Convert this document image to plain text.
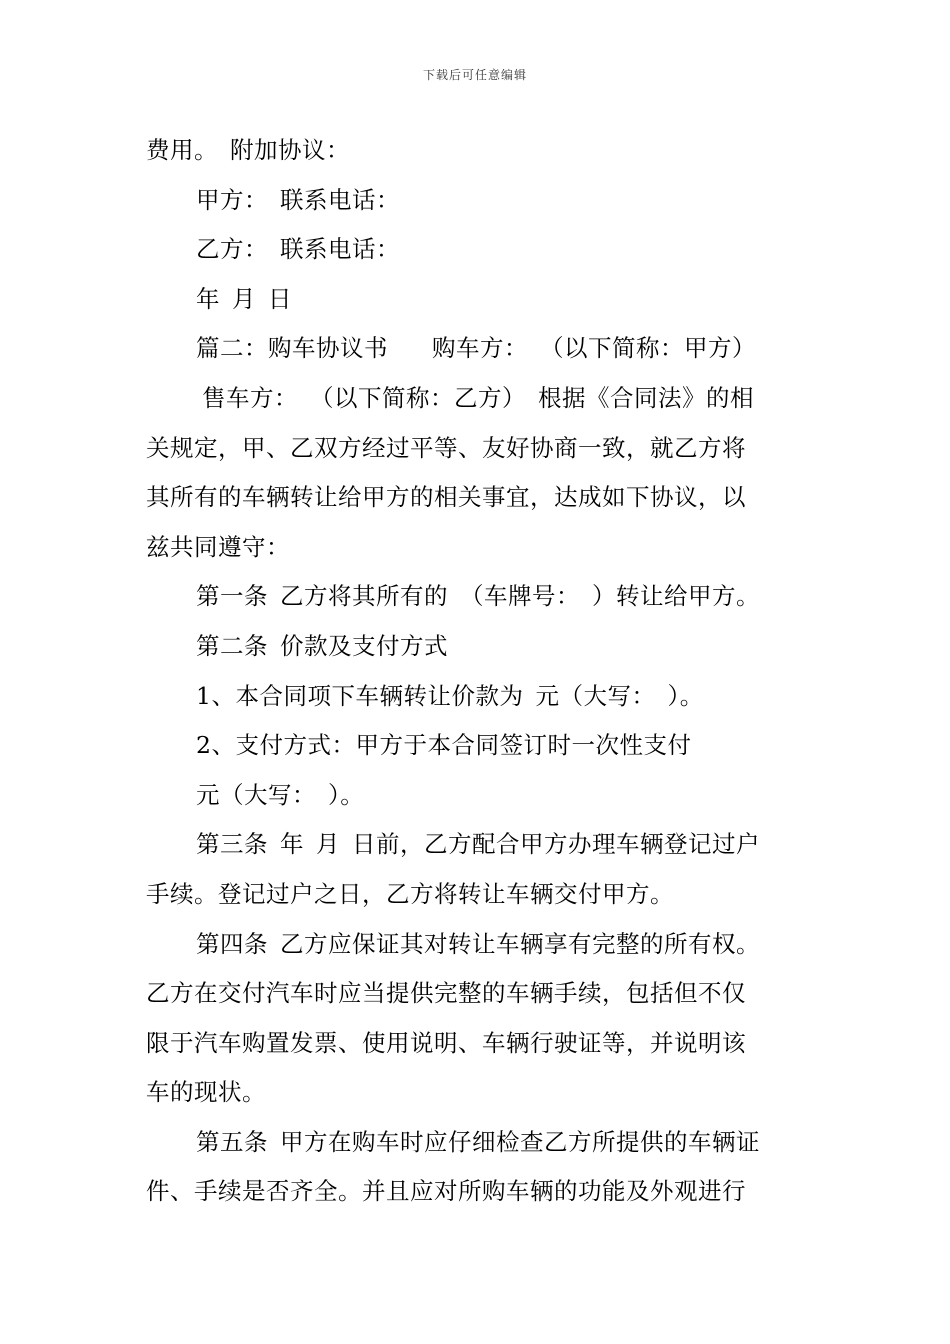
下载后可任意编辑
费用。 附加协议：
甲方： 联系电话：
乙方： 联系电话：
年 月 日
篇二：购车协议书 购车方： （以下简称：甲方）
售车方： （以下简称：乙方） 根据《合同法》的相
关规定，甲、乙双方经过平等、友好协商一致，就乙方将
其所有的车辆转让给甲方的相关事宜，达成如下协议，以
兹共同遵守：
第一条 乙方将其所有的 （车牌号： ）转让给甲方。
第二条 价款及支付方式
1、本合同项下车辆转让价款为 元（大写： ）。
2、支付方式：甲方于本合同签订时一次性支付
元（大写： ）。
第三条 年 月 日前，乙方配合甲方办理车辆登记过户
手续。登记过户之日，乙方将转让车辆交付甲方。
第四条 乙方应保证其对转让车辆享有完整的所有权。
乙方在交付汽车时应当提供完整的车辆手续，包括但不仅
限于汽车购置发票、使用说明、车辆行驶证等，并说明该
车的现状。
第五条 甲方在购车时应仔细检查乙方所提供的车辆证
件、手续是否齐全。并且应对所购车辆的功能及外观进行
